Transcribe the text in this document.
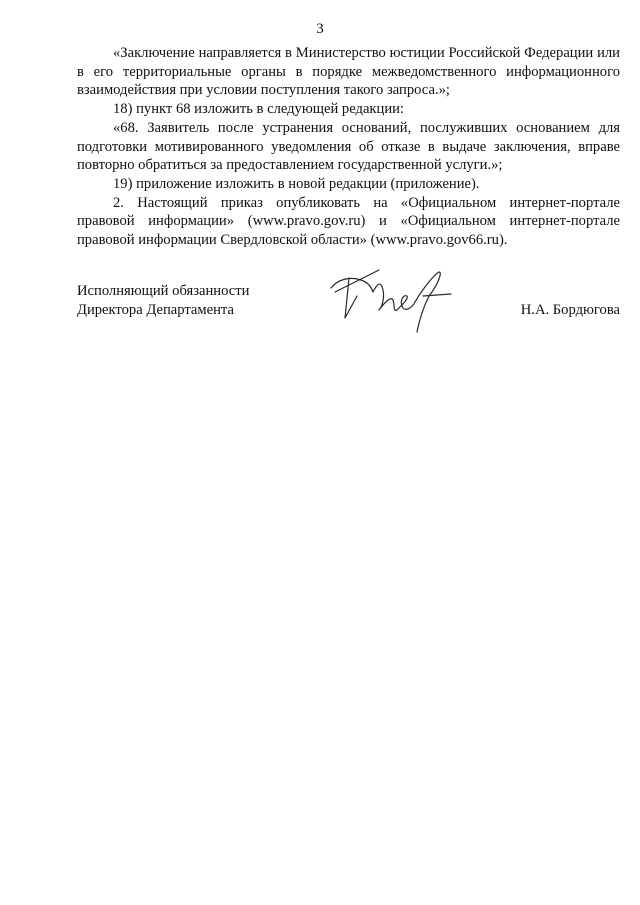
3

«Заключение направляется в Министерство юстиции Российской Федерации или в его территориальные органы в порядке межведомственного информационного взаимодействия при условии поступления такого запроса.»;

18) пункт 68 изложить в следующей редакции:

«68. Заявитель после устранения оснований, послуживших основанием для подготовки мотивированного уведомления об отказе в выдаче заключения, вправе повторно обратиться за предоставлением государственной услуги.»;

19) приложение изложить в новой редакции (приложение).

2. Настоящий приказ опубликовать на «Официальном интернет-портале правовой информации» (www.pravo.gov.ru) и «Официальном интернет-портале правовой информации Свердловской области» (www.pravo.gov66.ru).

Исполняющий обязанности
Директора Департамента	Н.А. Бордюгова
